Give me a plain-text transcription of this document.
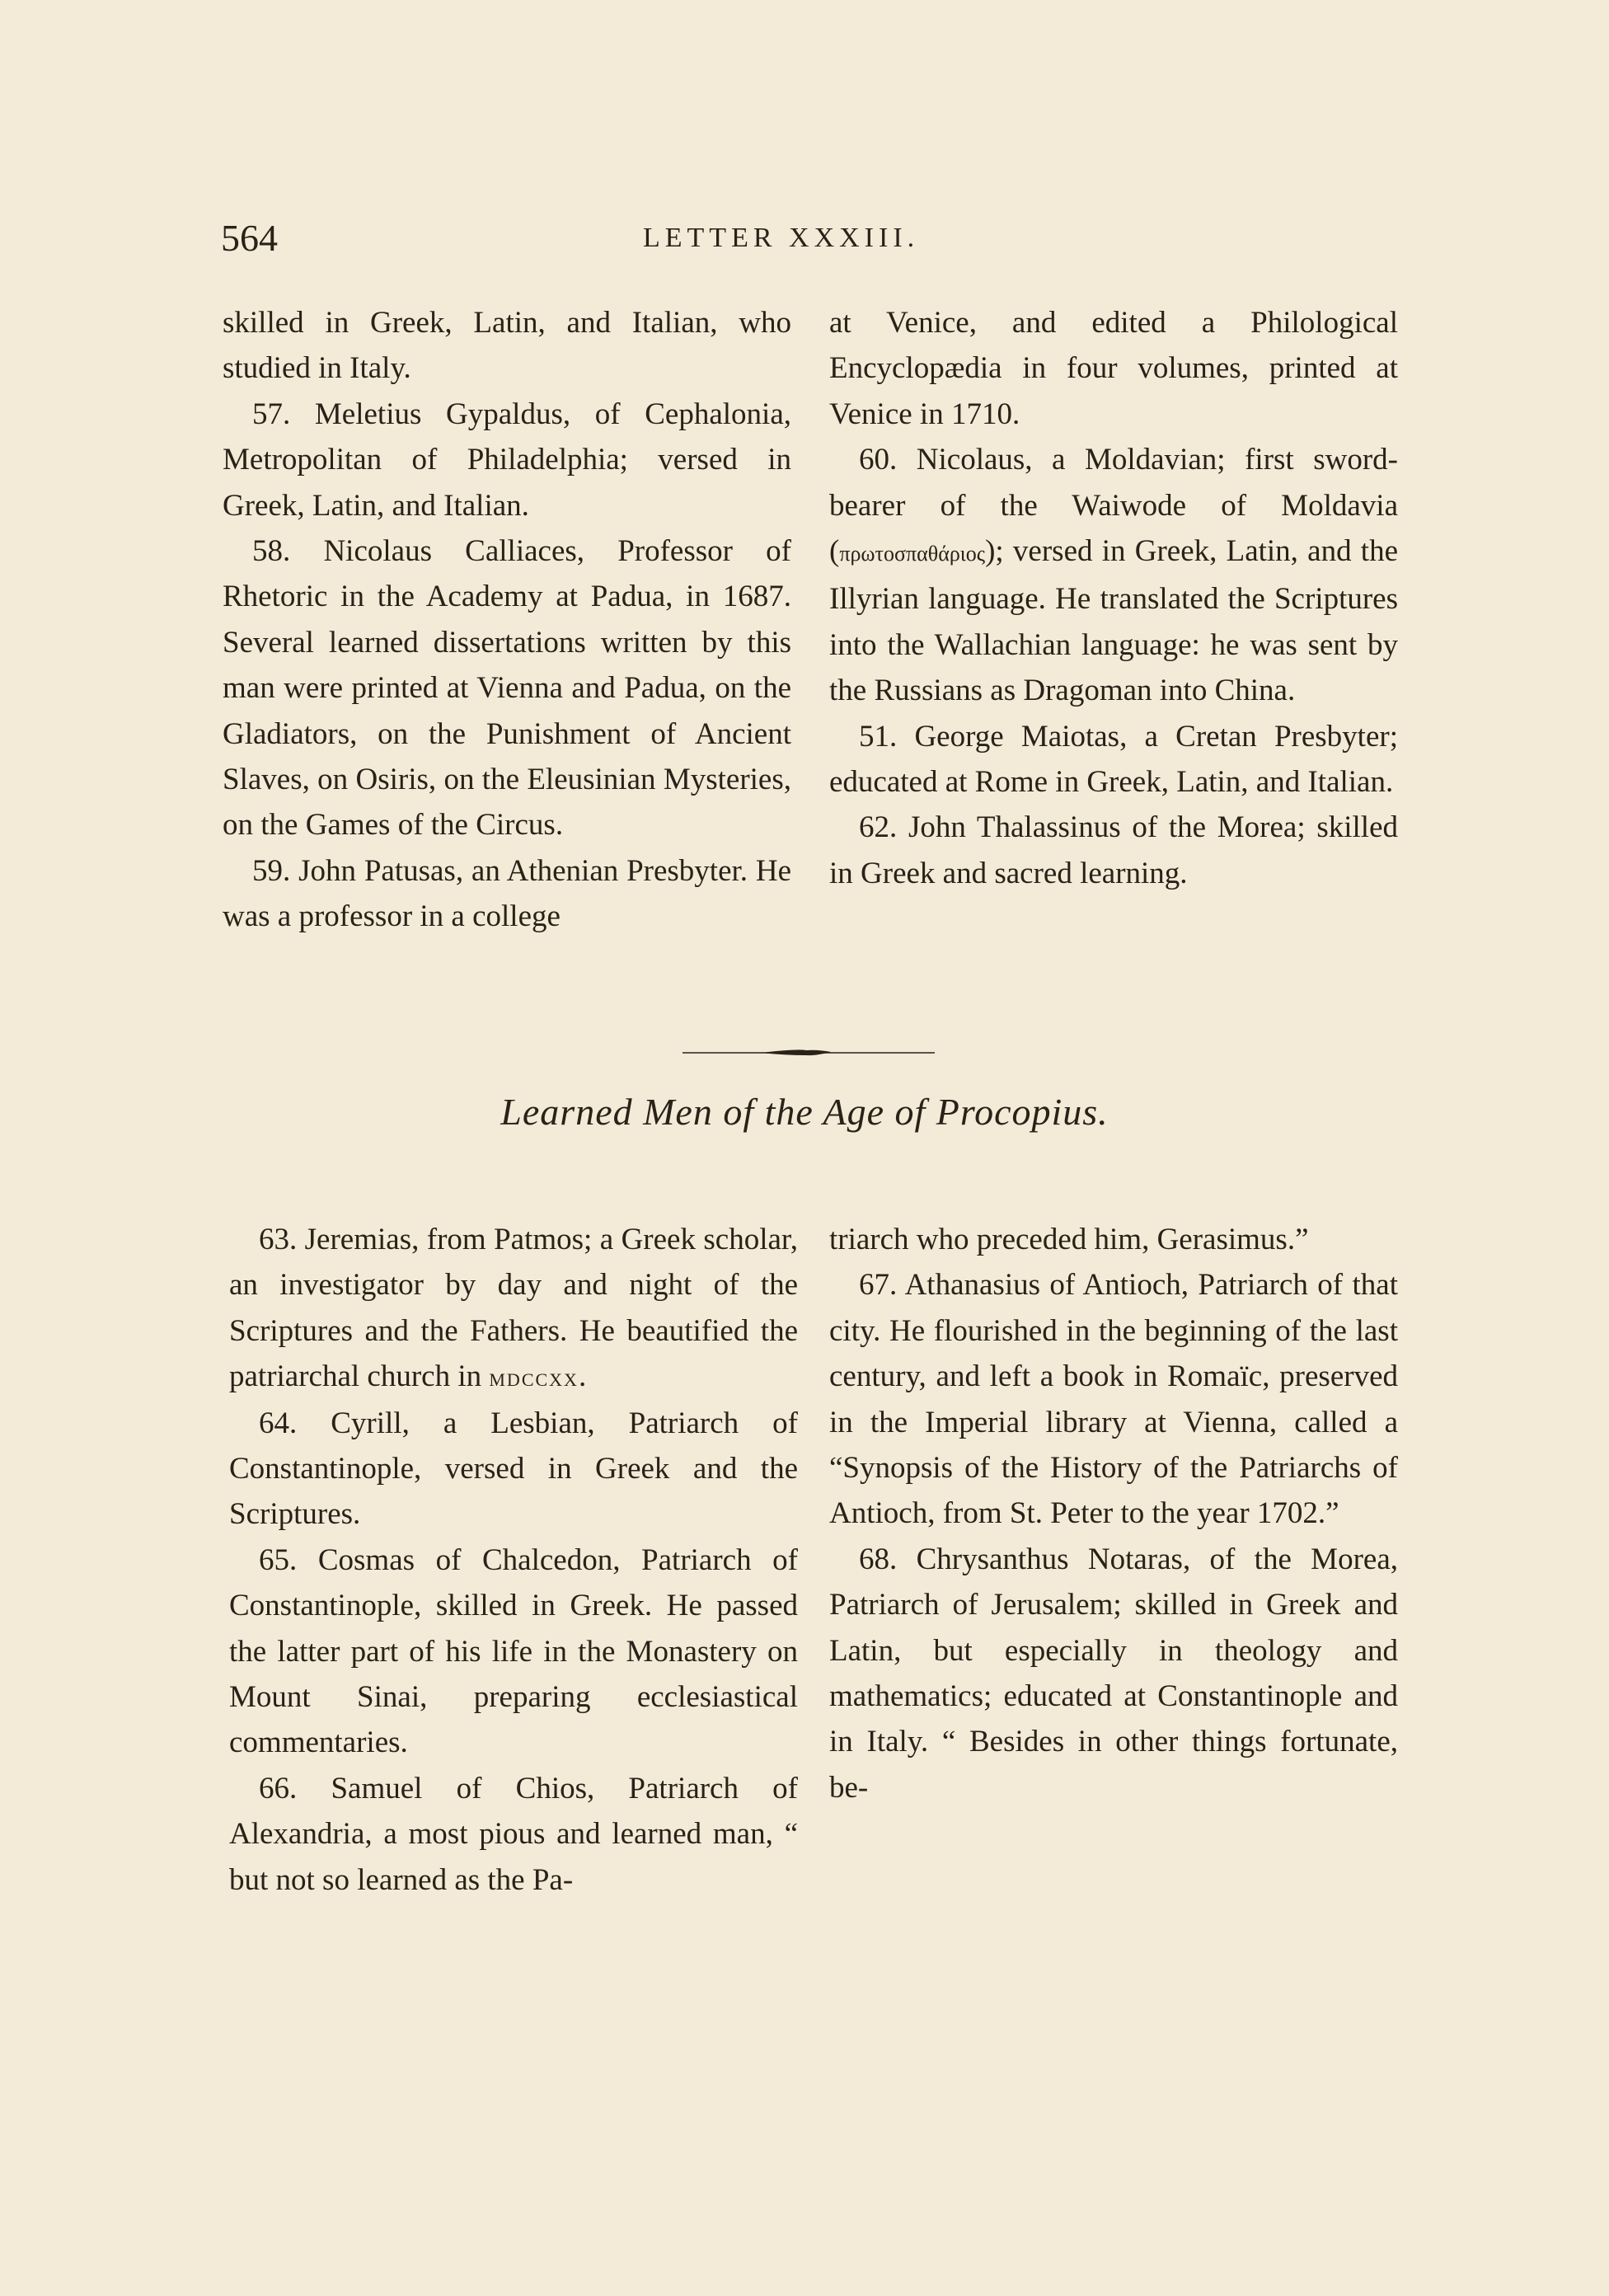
564	LETTER XXXIII.

skilled in Greek, Latin, and Italian, who studied in Italy.

57. Meletius Gypaldus, of Cephalonia, Metropolitan of Philadelphia; versed in Greek, Latin, and Italian.

58. Nicolaus Calliaces, Professor of Rhetoric in the Academy at Padua, in 1687. Several learned dissertations written by this man were printed at Vienna and Padua, on the Gladiators, on the Punishment of Ancient Slaves, on Osiris, on the Eleusinian Mysteries, on the Games of the Circus.

59. John Patusas, an Athenian Presbyter. He was a professor in a college

at Venice, and edited a Philological Encyclopædia in four volumes, printed at Venice in 1710.

60. Nicolaus, a Moldavian; first sword-bearer of the Waiwode of Moldavia (πρωτοσπαθάριος); versed in Greek, Latin, and the Illyrian language. He translated the Scriptures into the Wallachian language: he was sent by the Russians as Dragoman into China.

51. George Maiotas, a Cretan Presbyter; educated at Rome in Greek, Latin, and Italian.

62. John Thalassinus of the Morea; skilled in Greek and sacred learning.

Learned Men of the Age of Procopius.

63. Jeremias, from Patmos; a Greek scholar, an investigator by day and night of the Scriptures and the Fathers. He beautified the patriarchal church in mdccxx.

64. Cyrill, a Lesbian, Patriarch of Constantinople, versed in Greek and the Scriptures.

65. Cosmas of Chalcedon, Patriarch of Constantinople, skilled in Greek. He passed the latter part of his life in the Monastery on Mount Sinai, preparing ecclesiastical commentaries.

66. Samuel of Chios, Patriarch of Alexandria, a most pious and learned man, “ but not so learned as the Pa-

triarch who preceded him, Gerasimus.”

67. Athanasius of Antioch, Patriarch of that city. He flourished in the beginning of the last century, and left a book in Romaïc, preserved in the Imperial library at Vienna, called a “Synopsis of the History of the Patriarchs of Antioch, from St. Peter to the year 1702.”

68. Chrysanthus Notaras, of the Morea, Patriarch of Jerusalem; skilled in Greek and Latin, but especially in theology and mathematics; educated at Constantinople and in Italy. “ Besides in other things fortunate, be-
